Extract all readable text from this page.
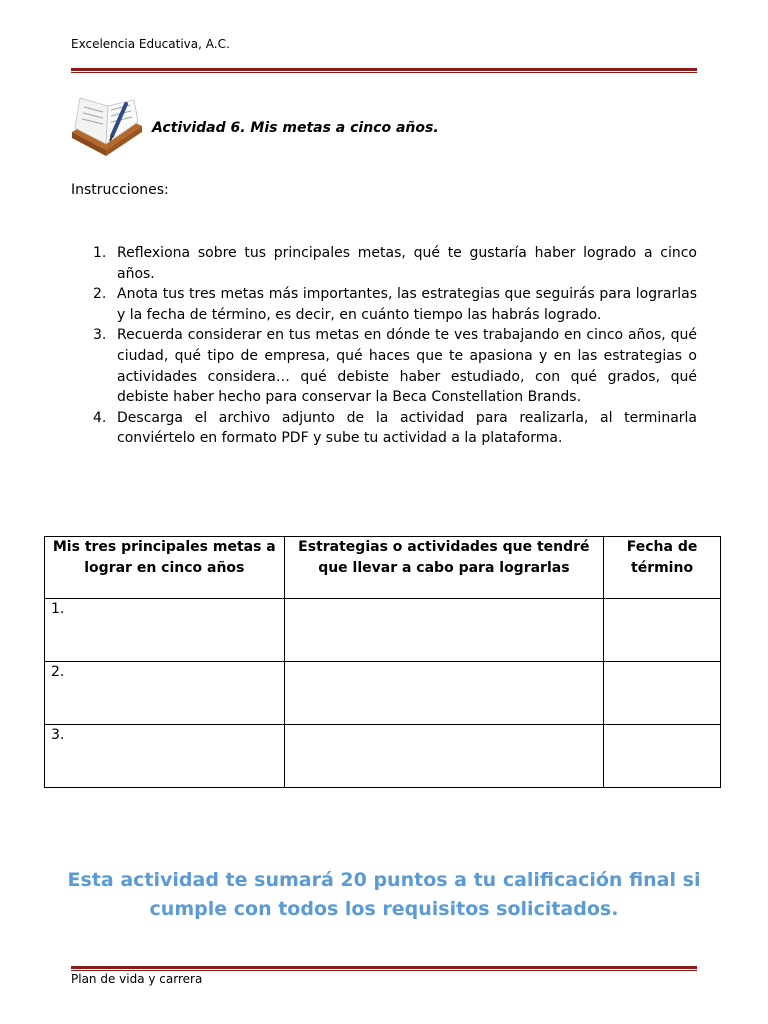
Excelencia Educativa, A.C.
Actividad 6. Mis metas a cinco años.
Instrucciones:
1. Reflexiona sobre tus principales metas, qué te gustaría haber logrado a cinco años.
2. Anota tus tres metas más importantes, las estrategias que seguirás para lograrlas y la fecha de término, es decir, en cuánto tiempo las habrás logrado.
3. Recuerda considerar en tus metas en dónde te ves trabajando en cinco años, qué ciudad, qué tipo de empresa, qué haces que te apasiona y en las estrategias o actividades considera… qué debiste haber estudiado, con qué grados, qué debiste haber hecho para conservar la Beca Constellation Brands.
4. Descarga el archivo adjunto de la actividad para realizarla, al terminarla conviértelo en formato PDF y sube tu actividad a la plataforma.
Mis tres principales metas a lograr en cinco años	Estrategias o actividades que tendré que llevar a cabo para lograrlas	Fecha de término
1.		
2.		
3.		
Esta actividad te sumará 20 puntos a tu calificación final si cumple con todos los requisitos solicitados.
Plan de vida y carrera
